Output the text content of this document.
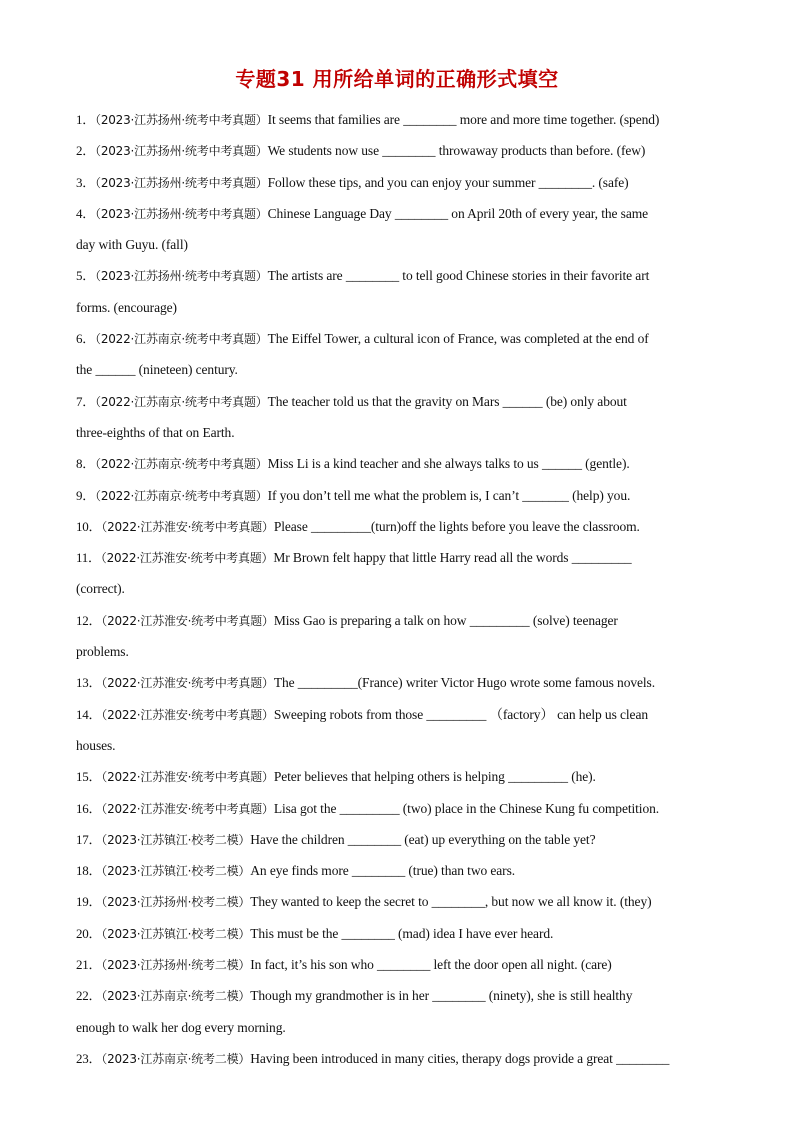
专题31 用所给单词的正确形式填空
1．（2023·江苏扬州·统考中考真题）It seems that families are ________ more and more time together. (spend)
2．（2023·江苏扬州·统考中考真题）We students now use ________ throwaway products than before. (few)
3．（2023·江苏扬州·统考中考真题）Follow these tips, and you can enjoy your summer ________. (safe)
4．（2023·江苏扬州·统考中考真题）Chinese Language Day ________ on April 20th of every year, the same
day with Guyu. (fall)
5．（2023·江苏扬州·统考中考真题）The artists are ________ to tell good Chinese stories in their favorite art
forms. (encourage)
6．（2022·江苏南京·统考中考真题）The Eiffel Tower, a cultural icon of France, was completed at the end of
the ______ (nineteen) century.
7．（2022·江苏南京·统考中考真题）The teacher told us that the gravity on Mars ______ (be) only about
three-eighths of that on Earth.
8．（2022·江苏南京·统考中考真题）Miss Li is a kind teacher and she always talks to us ______ (gentle).
9．（2022·江苏南京·统考中考真题）If you don’t tell me what the problem is, I can’t _______ (help) you.
10．（2022·江苏淮安·统考中考真题）Please _________(turn)off the lights before you leave the classroom.
11．（2022·江苏淮安·统考中考真题）Mr Brown felt happy that little Harry read all the words _________
(correct).
12．（2022·江苏淮安·统考中考真题）Miss Gao is preparing a talk on how _________ (solve) teenager
problems.
13．（2022·江苏淮安·统考中考真题）The _________(France) writer Victor Hugo wrote some famous novels.
14．（2022·江苏淮安·统考中考真题）Sweeping robots from those _________ （factory） can help us clean
houses.
15．（2022·江苏淮安·统考中考真题）Peter believes that helping others is helping _________ (he).
16．（2022·江苏淮安·统考中考真题）Lisa got the _________ (two) place in the Chinese Kung fu competition.
17．（2023·江苏镇江·校考二模）Have the children ________ (eat) up everything on the table yet?
18．（2023·江苏镇江·校考二模）An eye finds more ________ (true) than two ears.
19．（2023·江苏扬州·校考二模）They wanted to keep the secret to ________, but now we all know it. (they)
20．（2023·江苏镇江·校考二模）This must be the ________ (mad) idea I have ever heard.
21．（2023·江苏扬州·统考二模）In fact, it’s his son who ________ left the door open all night. (care)
22．（2023·江苏南京·统考二模）Though my grandmother is in her ________ (ninety), she is still healthy
enough to walk her dog every morning.
23．（2023·江苏南京·统考二模）Having been introduced in many cities, therapy dogs provide a great ________
